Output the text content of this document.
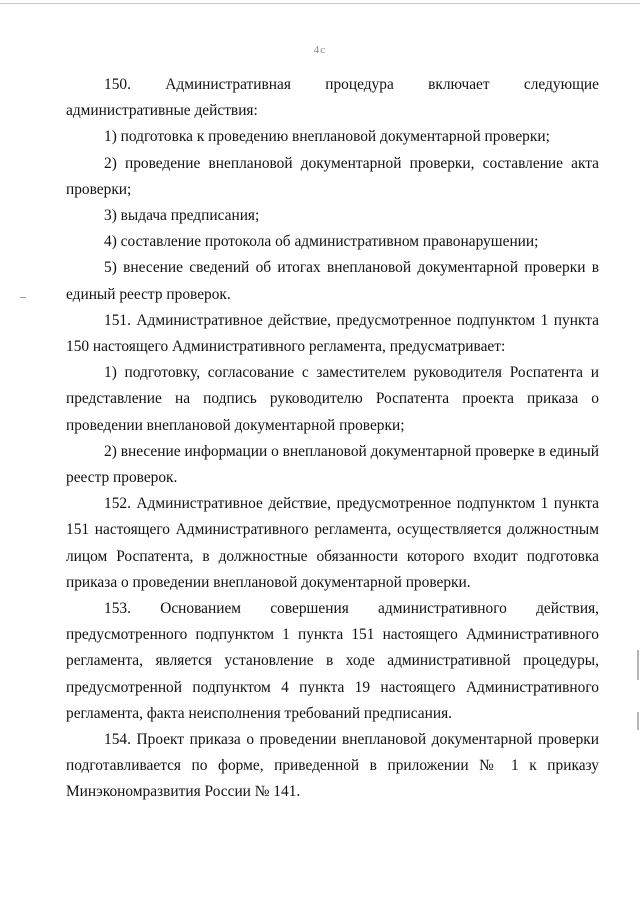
4с

150. Административная процедура включает следующие административные действия:

1) подготовка к проведению внеплановой документарной проверки;

2) проведение внеплановой документарной проверки, составление акта проверки;

3) выдача предписания;

4) составление протокола об административном правонарушении;

5) внесение сведений об итогах внеплановой документарной проверки в единый реестр проверок.

151. Административное действие, предусмотренное подпунктом 1 пункта 150 настоящего Административного регламента, предусматривает:

1) подготовку, согласование с заместителем руководителя Роспатента и представление на подпись руководителю Роспатента проекта приказа о проведении внеплановой документарной проверки;

2) внесение информации о внеплановой документарной проверке в единый реестр проверок.

152. Административное действие, предусмотренное подпунктом 1 пункта 151 настоящего Административного регламента, осуществляется должностным лицом Роспатента, в должностные обязанности которого входит подготовка приказа о проведении внеплановой документарной проверки.

153. Основанием совершения административного действия, предусмотренного подпунктом 1 пункта 151 настоящего Административного регламента, является установление в ходе административной процедуры, предусмотренной подпунктом 4 пункта 19 настоящего Административного регламента, факта неисполнения требований предписания.

154. Проект приказа о проведении внеплановой документарной проверки подготавливается по форме, приведенной в приложении № 1 к приказу Минэкономразвития России № 141.
